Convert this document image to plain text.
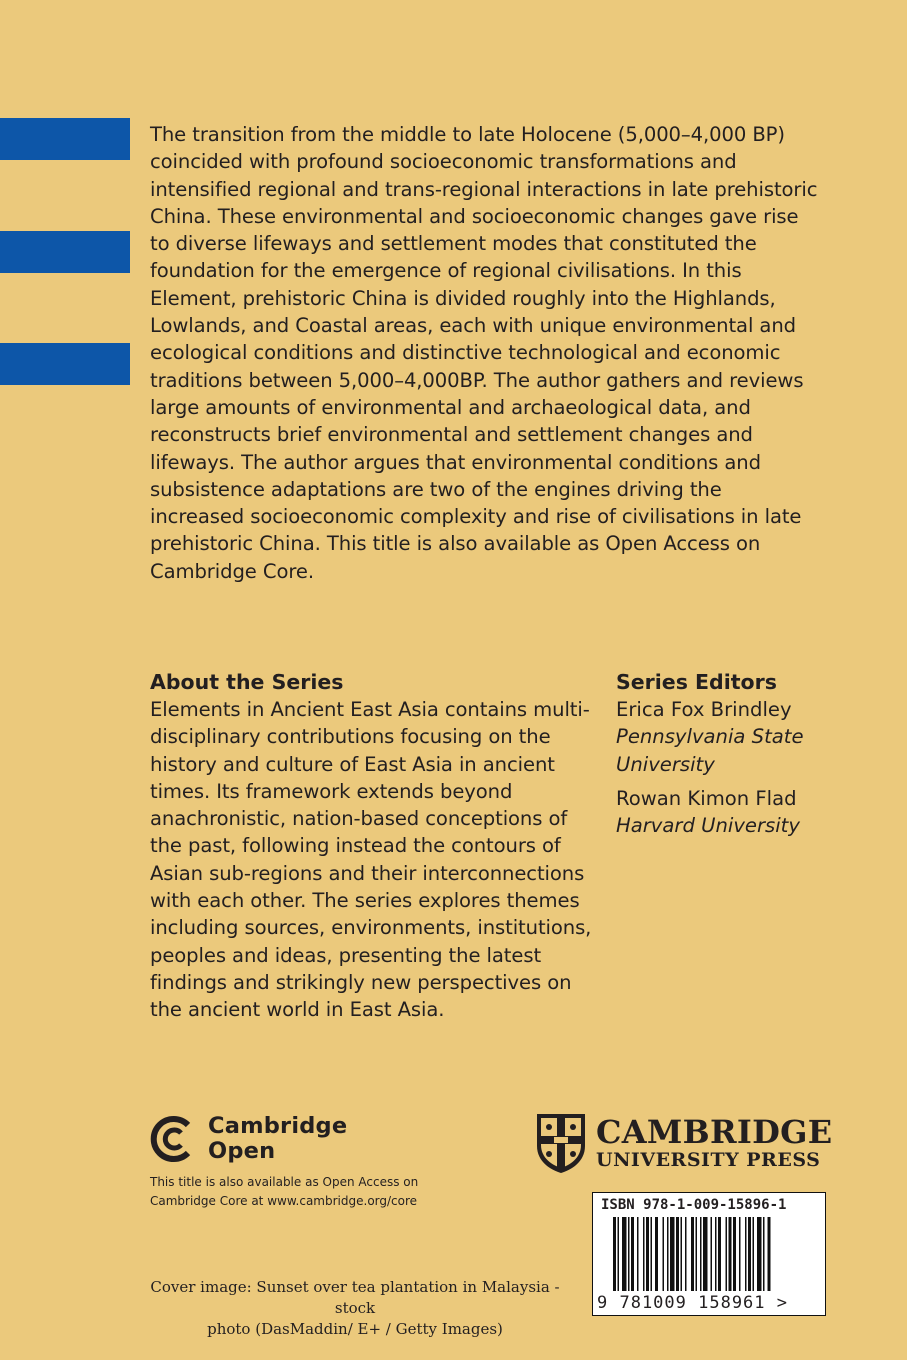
The transition from the middle to late Holocene (5,000–4,000 BP) coincided with profound socioeconomic transformations and intensified regional and trans-regional interactions in late prehistoric China. These environmental and socioeconomic changes gave rise to diverse lifeways and settlement modes that constituted the foundation for the emergence of regional civilisations. In this Element, prehistoric China is divided roughly into the Highlands, Lowlands, and Coastal areas, each with unique environmental and ecological conditions and distinctive technological and economic traditions between 5,000–4,000BP. The author gathers and reviews large amounts of environmental and archaeological data, and reconstructs brief environmental and settlement changes and lifeways. The author argues that environmental conditions and subsistence adaptations are two of the engines driving the increased socioeconomic complexity and rise of civilisations in late prehistoric China. This title is also available as Open Access on Cambridge Core.

About the Series

Elements in Ancient East Asia contains multi-disciplinary contributions focusing on the history and culture of East Asia in ancient times. Its framework extends beyond anachronistic, nation-based conceptions of the past, following instead the contours of Asian sub-regions and their interconnections with each other. The series explores themes including sources, environments, institutions, peoples and ideas, presenting the latest findings and strikingly new perspectives on the ancient world in East Asia.

Series Editors
Erica Fox Brindley
Pennsylvania State University
Rowan Kimon Flad
Harvard University
Cambridge
Open
This title is also available as Open Access on
Cambridge Core at www.cambridge.org/core
CAMBRIDGE
UNIVERSITY PRESS
ISBN 978-1-009-15896-1
9 781009 158961 >
Cover image: Sunset over tea plantation in Malaysia - stock
photo (DasMaddin/ E+ / Getty Images)
